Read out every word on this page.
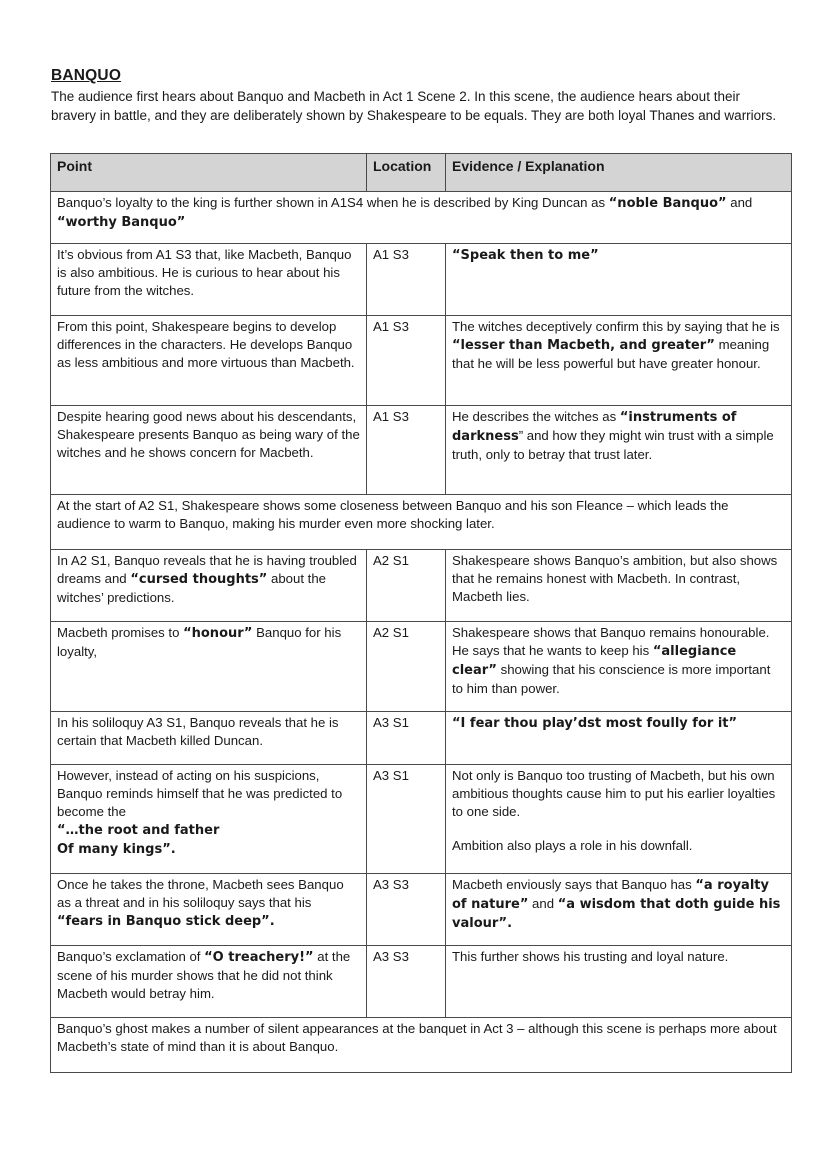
BANQUO
The audience first hears about Banquo and Macbeth in Act 1 Scene 2. In this scene, the audience hears about their bravery in battle, and they are deliberately shown by Shakespeare to be equals. They are both loyal Thanes and warriors.
Point	Location	Evidence / Explanation
Banquo’s loyalty to the king is further shown in A1S4 when he is described by King Duncan as “noble Banquo” and “worthy Banquo”		
It’s obvious from A1 S3 that, like Macbeth, Banquo is also ambitious. He is curious to hear about his future from the witches.	A1 S3	“Speak then to me”
From this point, Shakespeare begins to develop differences in the characters. He develops Banquo as less ambitious and more virtuous than Macbeth.	A1 S3	The witches deceptively confirm this by saying that he is “lesser than Macbeth, and greater” meaning that he will be less powerful but have greater honour.
Despite hearing good news about his descendants, Shakespeare presents Banquo as being wary of the witches and he shows concern for Macbeth.	A1 S3	He describes the witches as “instruments of darkness” and how they might win trust with a simple truth, only to betray that trust later.
At the start of A2 S1, Shakespeare shows some closeness between Banquo and his son Fleance – which leads the audience to warm to Banquo, making his murder even more shocking later.		
In A2 S1, Banquo reveals that he is having troubled dreams and “cursed thoughts” about the witches’ predictions.	A2 S1	Shakespeare shows Banquo’s ambition, but also shows that he remains honest with Macbeth. In contrast, Macbeth lies.
Macbeth promises to “honour” Banquo for his loyalty,	A2 S1	Shakespeare shows that Banquo remains honourable. He says that he wants to keep his “allegiance clear” showing that his conscience is more important to him than power.
In his soliloquy A3 S1, Banquo reveals that he is certain that Macbeth killed Duncan.	A3 S1	“I fear thou play’dst most foully for it”
However, instead of acting on his suspicions, Banquo reminds himself that he was predicted to become the
“…the root and father
Of many kings”.	A3 S1	Not only is Banquo too trusting of Macbeth, but his own ambitious thoughts cause him to put his earlier loyalties to one side.
Ambition also plays a role in his downfall.
Once he takes the throne, Macbeth sees Banquo as a threat and in his soliloquy says that his “fears in Banquo stick deep”.	A3 S3	Macbeth enviously says that Banquo has “a royalty of nature” and “a wisdom that doth guide his valour”.
Banquo’s exclamation of “O treachery!” at the scene of his murder shows that he did not think Macbeth would betray him.	A3 S3	This further shows his trusting and loyal nature.
Banquo’s ghost makes a number of silent appearances at the banquet in Act 3 – although this scene is perhaps more about Macbeth’s state of mind than it is about Banquo.		
